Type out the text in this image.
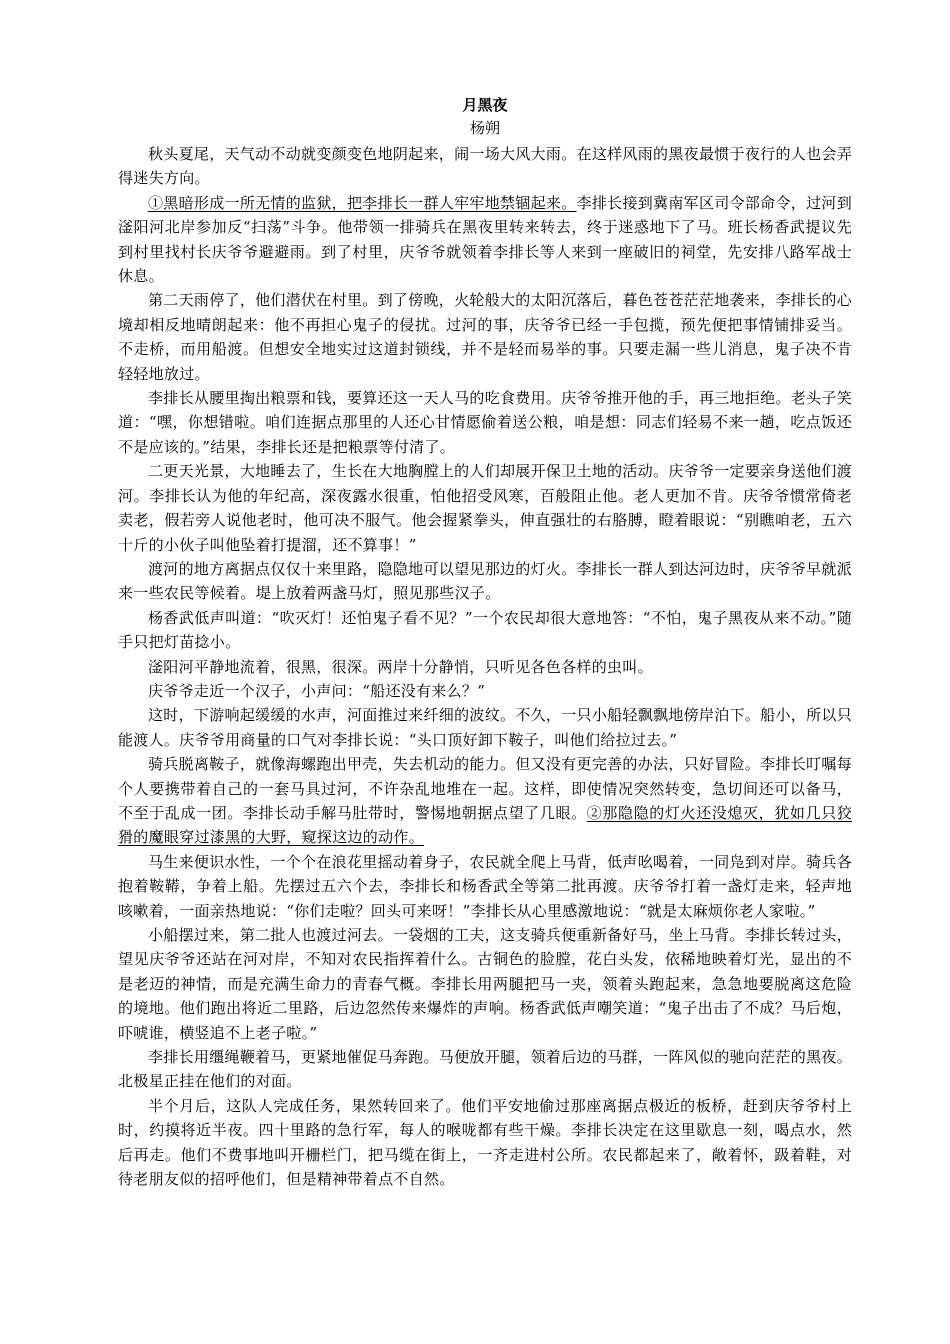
月黑夜
杨朔

秋头夏尾，天气动不动就变颜变色地阴起来，闹一场大风大雨。在这样风雨的黑夜最惯于夜行的人也会弄得迷失方向。

①黑暗形成一所无情的监狱，把李排长一群人牢牢地禁锢起来。李排长接到冀南军区司令部命令，过河到滏阳河北岸参加反“扫荡”斗争。他带领一排骑兵在黑夜里转来转去，终于迷惑地下了马。班长杨香武提议先到村里找村长庆爷爷避避雨。到了村里，庆爷爷就领着李排长等人来到一座破旧的祠堂，先安排八路军战士休息。

第二天雨停了，他们潜伏在村里。到了傍晚，火轮般大的太阳沉落后，暮色苍苍茫茫地袭来，李排长的心境却相反地晴朗起来：他不再担心鬼子的侵扰。过河的事，庆爷爷已经一手包揽，预先便把事情铺排妥当。不走桥，而用船渡。但想安全地实过这道封锁线，并不是轻而易举的事。只要走漏一些儿消息，鬼子决不肯轻轻地放过。

李排长从腰里掏出粮票和钱，要算还这一天人马的吃食费用。庆爷爷推开他的手，再三地拒绝。老头子笑道：“嘿，你想错啦。咱们连据点那里的人还心甘情愿偷着送公粮，咱是想：同志们轻易不来一趟，吃点饭还不是应该的。”结果，李排长还是把粮票等付清了。

二更天光景，大地睡去了，生长在大地胸膛上的人们却展开保卫土地的活动。庆爷爷一定要亲身送他们渡河。李排长认为他的年纪高，深夜露水很重，怕他招受风寒，百般阻止他。老人更加不肯。庆爷爷惯常倚老卖老，假若旁人说他老时，他可决不服气。他会握紧拳头，伸直强壮的右胳膊，瞪着眼说：“别瞧咱老，五六十斤的小伙子叫他坠着打提溜，还不算事！”

渡河的地方离据点仅仅十来里路，隐隐地可以望见那边的灯火。李排长一群人到达河边时，庆爷爷早就派来一些农民等候着。堤上放着两盏马灯，照见那些汉子。

杨香武低声叫道：“吹灭灯！还怕鬼子看不见？”一个农民却很大意地答：“不怕，鬼子黑夜从来不动。”随手只把灯苗捻小。

滏阳河平静地流着，很黑，很深。两岸十分静悄，只听见各色各样的虫叫。

庆爷爷走近一个汉子，小声问：“船还没有来么？”

这时，下游响起缓缓的水声，河面推过来纤细的波纹。不久，一只小船轻飘飘地傍岸泊下。船小，所以只能渡人。庆爷爷用商量的口气对李排长说：“头口顶好卸下鞍子，叫他们给拉过去。”

骑兵脱离鞍子，就像海螺跑出甲壳，失去机动的能力。但又没有更完善的办法，只好冒险。李排长叮嘱每个人要携带着自己的一套马具过河，不许杂乱地堆在一起。这样，即使情况突然转变，急切间还可以备马，不至于乱成一团。李排长动手解马肚带时，警惕地朝据点望了几眼。②那隐隐的灯火还没熄灭，犹如几只狡猾的魔眼穿过漆黑的大野，窥探这边的动作。

马生来便识水性，一个个在浪花里摇动着身子，农民就全爬上马背，低声吆喝着，一同凫到对岸。骑兵各抱着鞍鞯，争着上船。先摆过五六个去，李排长和杨香武全等第二批再渡。庆爷爷打着一盏灯走来，轻声地咳嗽着，一面亲热地说：“你们走啦？回头可来呀！”李排长从心里感激地说：“就是太麻烦你老人家啦。”

小船摆过来，第二批人也渡过河去。一袋烟的工夫，这支骑兵便重新备好马，坐上马背。李排长转过头，望见庆爷爷还站在河对岸，不知对农民指挥着什么。古铜色的脸膛，花白头发，依稀地映着灯光，显出的不是老迈的神情，而是充满生命力的青春气概。李排长用两腿把马一夹，领着头跑起来，急急地要脱离这危险的境地。他们跑出将近二里路，后边忽然传来爆炸的声响。杨香武低声嘲笑道：“鬼子出击了不成？马后炮，吓唬谁，横竖追不上老子啦。”

李排长用缰绳鞭着马，更紧地催促马奔跑。马便放开腿，领着后边的马群，一阵风似的驰向茫茫的黑夜。北极星正挂在他们的对面。

半个月后，这队人完成任务，果然转回来了。他们平安地偷过那座离据点极近的板桥，赶到庆爷爷村上时，约摸将近半夜。四十里路的急行军，每人的喉咙都有些干燥。李排长决定在这里歇息一刻，喝点水，然后再走。他们不费事地叫开栅栏门，把马缆在街上，一齐走进村公所。农民都起来了，敞着怀，趿着鞋，对待老朋友似的招呼他们，但是精神带着点不自然。
